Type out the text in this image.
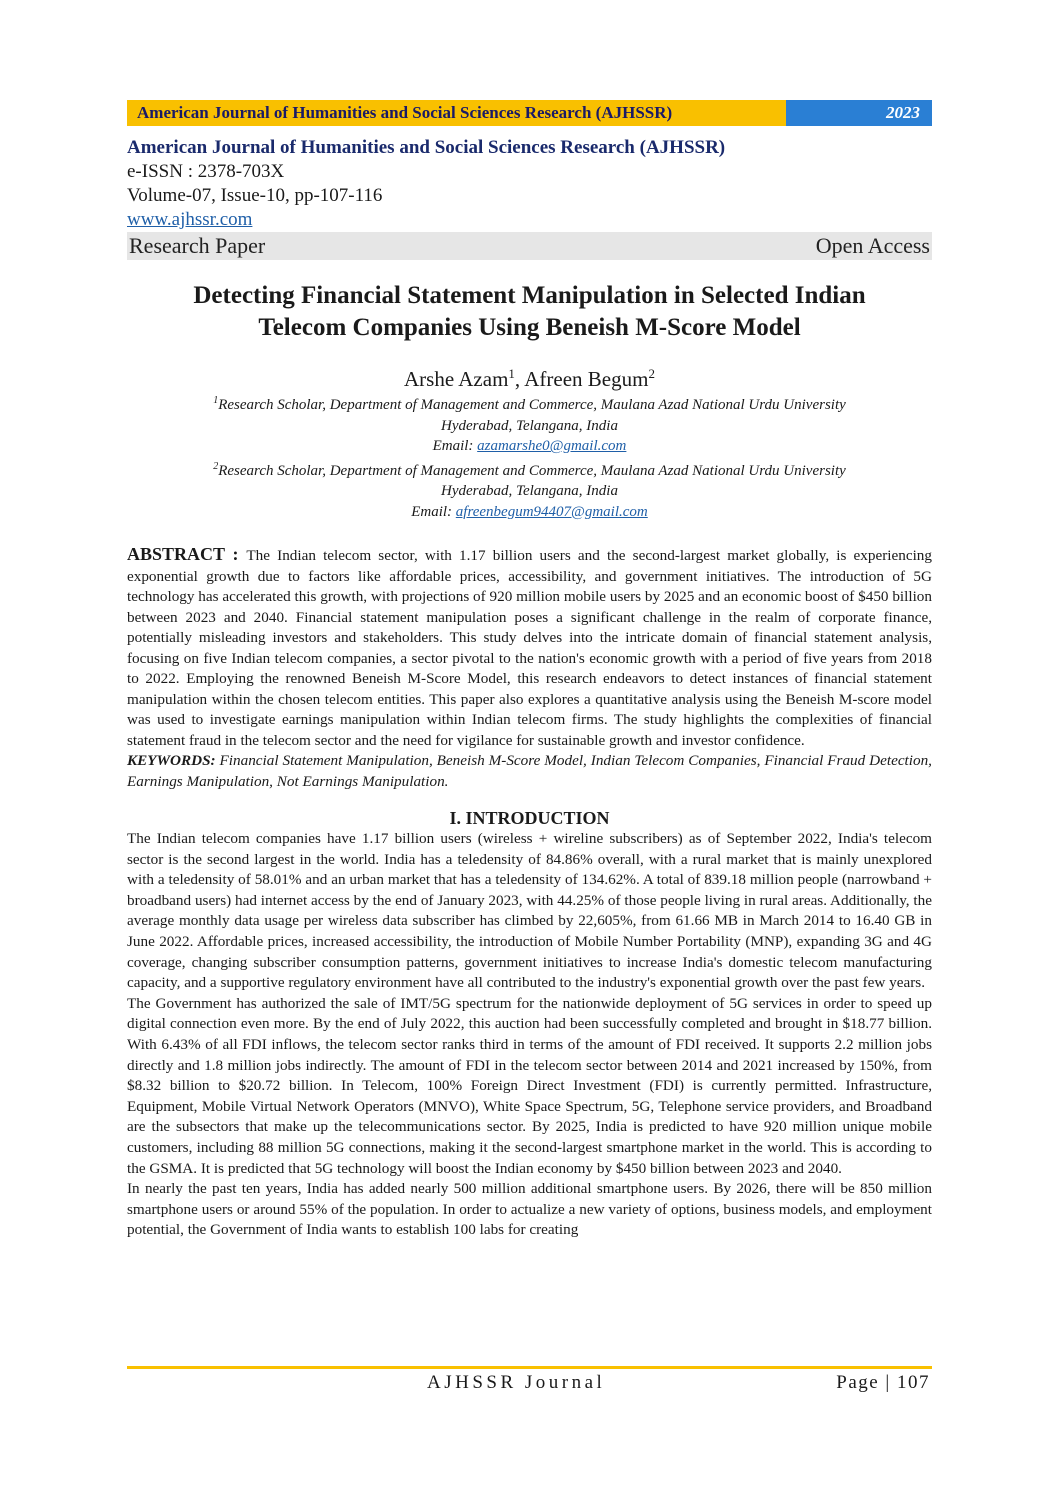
American Journal of Humanities and Social Sciences Research (AJHSSR)	2023
American Journal of Humanities and Social Sciences Research (AJHSSR)
e-ISSN : 2378-703X
Volume-07, Issue-10, pp-107-116
www.ajhssr.com
Research Paper	Open Access
Detecting Financial Statement Manipulation in Selected Indian
Telecom Companies Using Beneish M-Score Model
Arshe Azam$^1$, Afreen Begum$^2$
$^1$Research Scholar, Department of Management and Commerce, Maulana Azad National Urdu University
Hyderabad, Telangana, India
Email: azamarshe0@gmail.com
$^2$Research Scholar, Department of Management and Commerce, Maulana Azad National Urdu University
Hyderabad, Telangana, India
Email: afreenbegum94407@gmail.com
ABSTRACT : The Indian telecom sector, with 1.17 billion users and the second-largest market globally, is experiencing exponential growth due to factors like affordable prices, accessibility, and government initiatives. The introduction of 5G technology has accelerated this growth, with projections of 920 million mobile users by 2025 and an economic boost of $450 billion between 2023 and 2040. Financial statement manipulation poses a significant challenge in the realm of corporate finance, potentially misleading investors and stakeholders. This study delves into the intricate domain of financial statement analysis, focusing on five Indian telecom companies, a sector pivotal to the nation's economic growth with a period of five years from 2018 to 2022. Employing the renowned Beneish M-Score Model, this research endeavors to detect instances of financial statement manipulation within the chosen telecom entities. This paper also explores a quantitative analysis using the Beneish M-score model was used to investigate earnings manipulation within Indian telecom firms. The study highlights the complexities of financial statement fraud in the telecom sector and the need for vigilance for sustainable growth and investor confidence.
KEYWORDS: Financial Statement Manipulation, Beneish M-Score Model, Indian Telecom Companies, Financial Fraud Detection, Earnings Manipulation, Not Earnings Manipulation.
I. INTRODUCTION

The Indian telecom companies have 1.17 billion users (wireless + wireline subscribers) as of September 2022, India's telecom sector is the second largest in the world. India has a teledensity of 84.86% overall, with a rural market that is mainly unexplored with a teledensity of 58.01% and an urban market that has a teledensity of 134.62%. A total of 839.18 million people (narrowband + broadband users) had internet access by the end of January 2023, with 44.25% of those people living in rural areas. Additionally, the average monthly data usage per wireless data subscriber has climbed by 22,605%, from 61.66 MB in March 2014 to 16.40 GB in June 2022. Affordable prices, increased accessibility, the introduction of Mobile Number Portability (MNP), expanding 3G and 4G coverage, changing subscriber consumption patterns, government initiatives to increase India's domestic telecom manufacturing capacity, and a supportive regulatory environment have all contributed to the industry's exponential growth over the past few years.

The Government has authorized the sale of IMT/5G spectrum for the nationwide deployment of 5G services in order to speed up digital connection even more. By the end of July 2022, this auction had been successfully completed and brought in $18.77 billion. With 6.43% of all FDI inflows, the telecom sector ranks third in terms of the amount of FDI received. It supports 2.2 million jobs directly and 1.8 million jobs indirectly. The amount of FDI in the telecom sector between 2014 and 2021 increased by 150%, from $8.32 billion to $20.72 billion. In Telecom, 100% Foreign Direct Investment (FDI) is currently permitted. Infrastructure, Equipment, Mobile Virtual Network Operators (MNVO), White Space Spectrum, 5G, Telephone service providers, and Broadband are the subsectors that make up the telecommunications sector. By 2025, India is predicted to have 920 million unique mobile customers, including 88 million 5G connections, making it the second-largest smartphone market in the world. This is according to the GSMA. It is predicted that 5G technology will boost the Indian economy by $450 billion between 2023 and 2040.

In nearly the past ten years, India has added nearly 500 million additional smartphone users. By 2026, there will be 850 million smartphone users or around 55% of the population. In order to actualize a new variety of options, business models, and employment potential, the Government of India wants to establish 100 labs for creating

AJHSSR Journal	Page | 107
